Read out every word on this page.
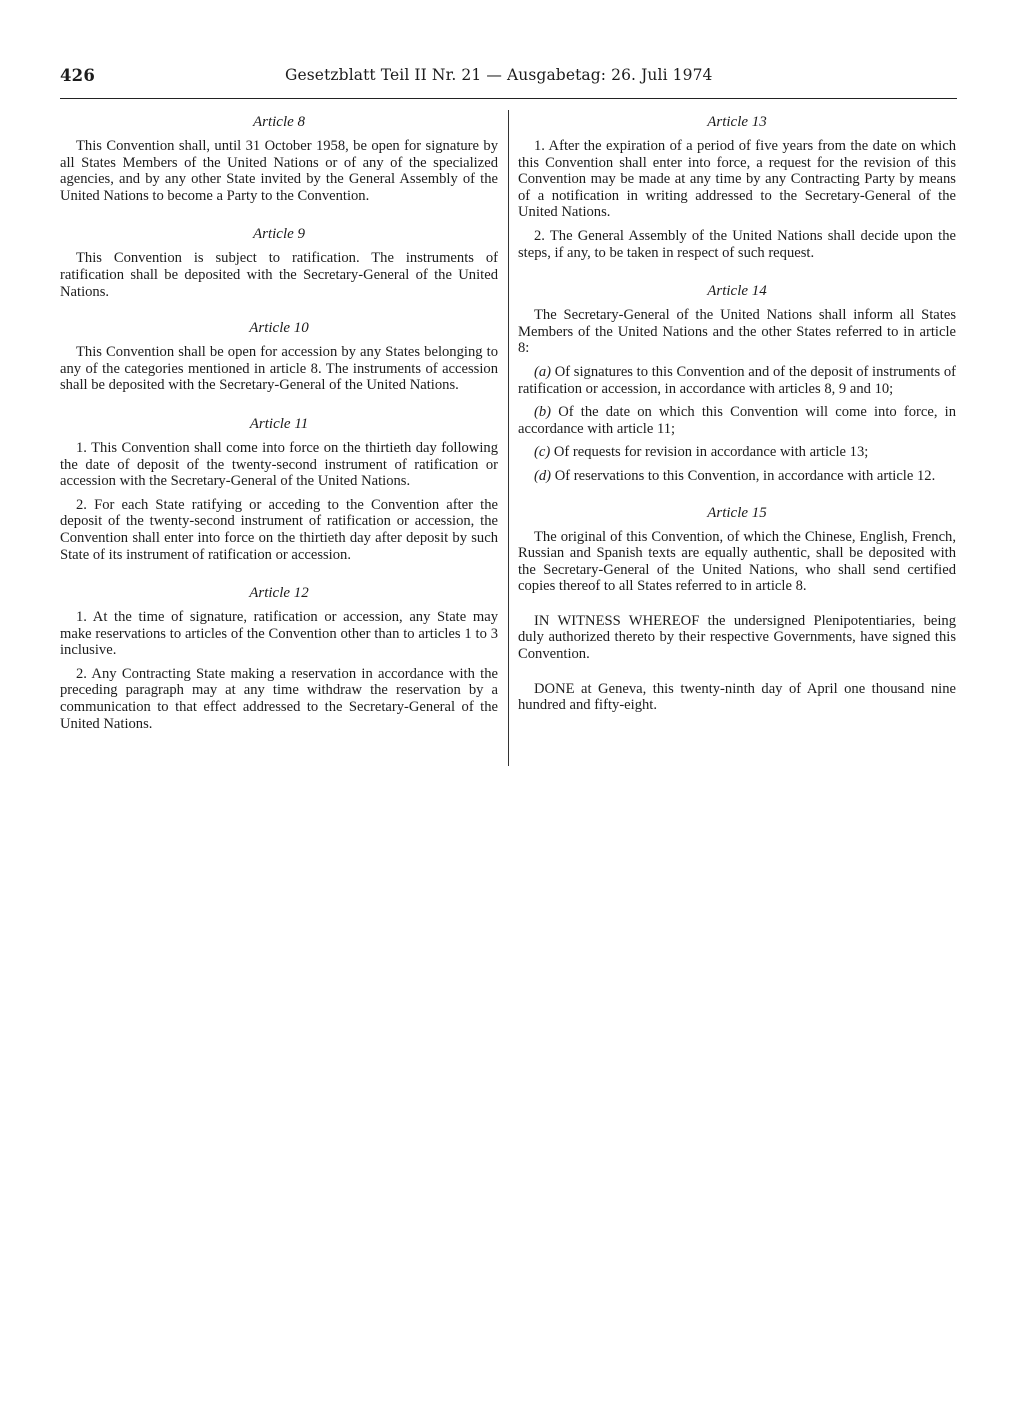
426	Gesetzblatt Teil II Nr. 21 — Ausgabetag: 26. Juli 1974
Article 8

This Convention shall, until 31 October 1958, be open for signature by all States Members of the United Nations or of any of the specialized agencies, and by any other State invited by the General Assembly of the United Nations to become a Party to the Convention.

Article 9

This Convention is subject to ratification. The instruments of ratification shall be deposited with the Secretary-General of the United Nations.

Article 10

This Convention shall be open for accession by any States belonging to any of the categories mentioned in article 8. The instruments of accession shall be deposited with the Secretary-General of the United Nations.

Article 11

1. This Convention shall come into force on the thirtieth day following the date of deposit of the twenty-second instrument of ratification or accession with the Secretary-General of the United Nations.

2. For each State ratifying or acceding to the Convention after the deposit of the twenty-second instrument of ratification or accession, the Convention shall enter into force on the thirtieth day after deposit by such State of its instrument of ratification or accession.

Article 12

1. At the time of signature, ratification or accession, any State may make reservations to articles of the Convention other than to articles 1 to 3 inclusive.

2. Any Contracting State making a reservation in accordance with the preceding paragraph may at any time withdraw the reservation by a communication to that effect addressed to the Secretary-General of the United Nations.

Article 13

1. After the expiration of a period of five years from the date on which this Convention shall enter into force, a request for the revision of this Convention may be made at any time by any Contracting Party by means of a notification in writing addressed to the Secretary-General of the United Nations.

2. The General Assembly of the United Nations shall decide upon the steps, if any, to be taken in respect of such request.

Article 14

The Secretary-General of the United Nations shall inform all States Members of the United Nations and the other States referred to in article 8:

(a) Of signatures to this Convention and of the deposit of instruments of ratification or accession, in accordance with articles 8, 9 and 10;

(b) Of the date on which this Convention will come into force, in accordance with article 11;

(c) Of requests for revision in accordance with article 13;

(d) Of reservations to this Convention, in accordance with article 12.

Article 15

The original of this Convention, of which the Chinese, English, French, Russian and Spanish texts are equally authentic, shall be deposited with the Secretary-General of the United Nations, who shall send certified copies thereof to all States referred to in article 8.

IN WITNESS WHEREOF the undersigned Plenipotentiaries, being duly authorized thereto by their respective Governments, have signed this Convention.

DONE at Geneva, this twenty-ninth day of April one thousand nine hundred and fifty-eight.
